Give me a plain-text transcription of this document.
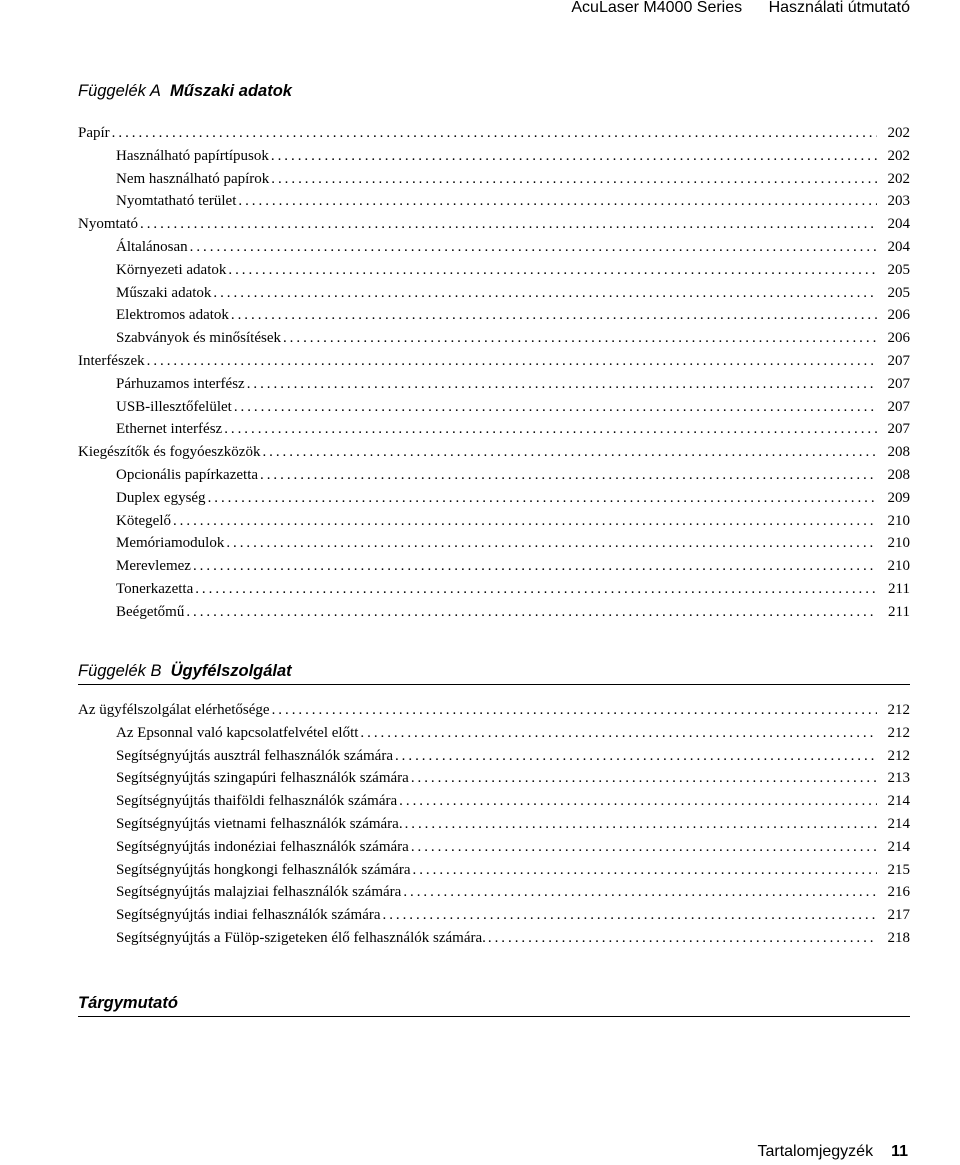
AcuLaser M4000 Series Használati útmutató
Függelék A Műszaki adatok
Papír . . .	202
Használható papírtípusok . . .	202
Nem használható papírok . . .	202
Nyomtatható terület . . .	203
Nyomtató . . .	204
Általánosan . . .	204
Környezeti adatok . . .	205
Műszaki adatok . . .	205
Elektromos adatok . . .	206
Szabványok és minősítések . . .	206
Interfészek . . .	207
Párhuzamos interfész . . .	207
USB-illesztőfelület . . .	207
Ethernet interfész . . .	207
Kiegészítők és fogyóeszközök . . .	208
Opcionális papírkazetta . . .	208
Duplex egység . . .	209
Kötegelő . . .	210
Memóriamodulok . . .	210
Merevlemez . . .	210
Tonerkazetta . . .	211
Beégetőmű . . .	211
Függelék B Ügyfélszolgálat
Az ügyfélszolgálat elérhetősége . . .	212
Az Epsonnal való kapcsolatfelvétel előtt . . .	212
Segítségnyújtás ausztrál felhasználók számára . . .	212
Segítségnyújtás szingapúri felhasználók számára . . .	213
Segítségnyújtás thaiföldi felhasználók számára . . .	214
Segítségnyújtás vietnami felhasználók számára. . . .	214
Segítségnyújtás indonéziai felhasználók számára . . .	214
Segítségnyújtás hongkongi felhasználók számára . . .	215
Segítségnyújtás malajziai felhasználók számára . . .	216
Segítségnyújtás indiai felhasználók számára . . .	217
Segítségnyújtás a Fülöp-szigeteken élő felhasználók számára. . . .	218
Tárgymutató
Tartalomjegyzék 11
